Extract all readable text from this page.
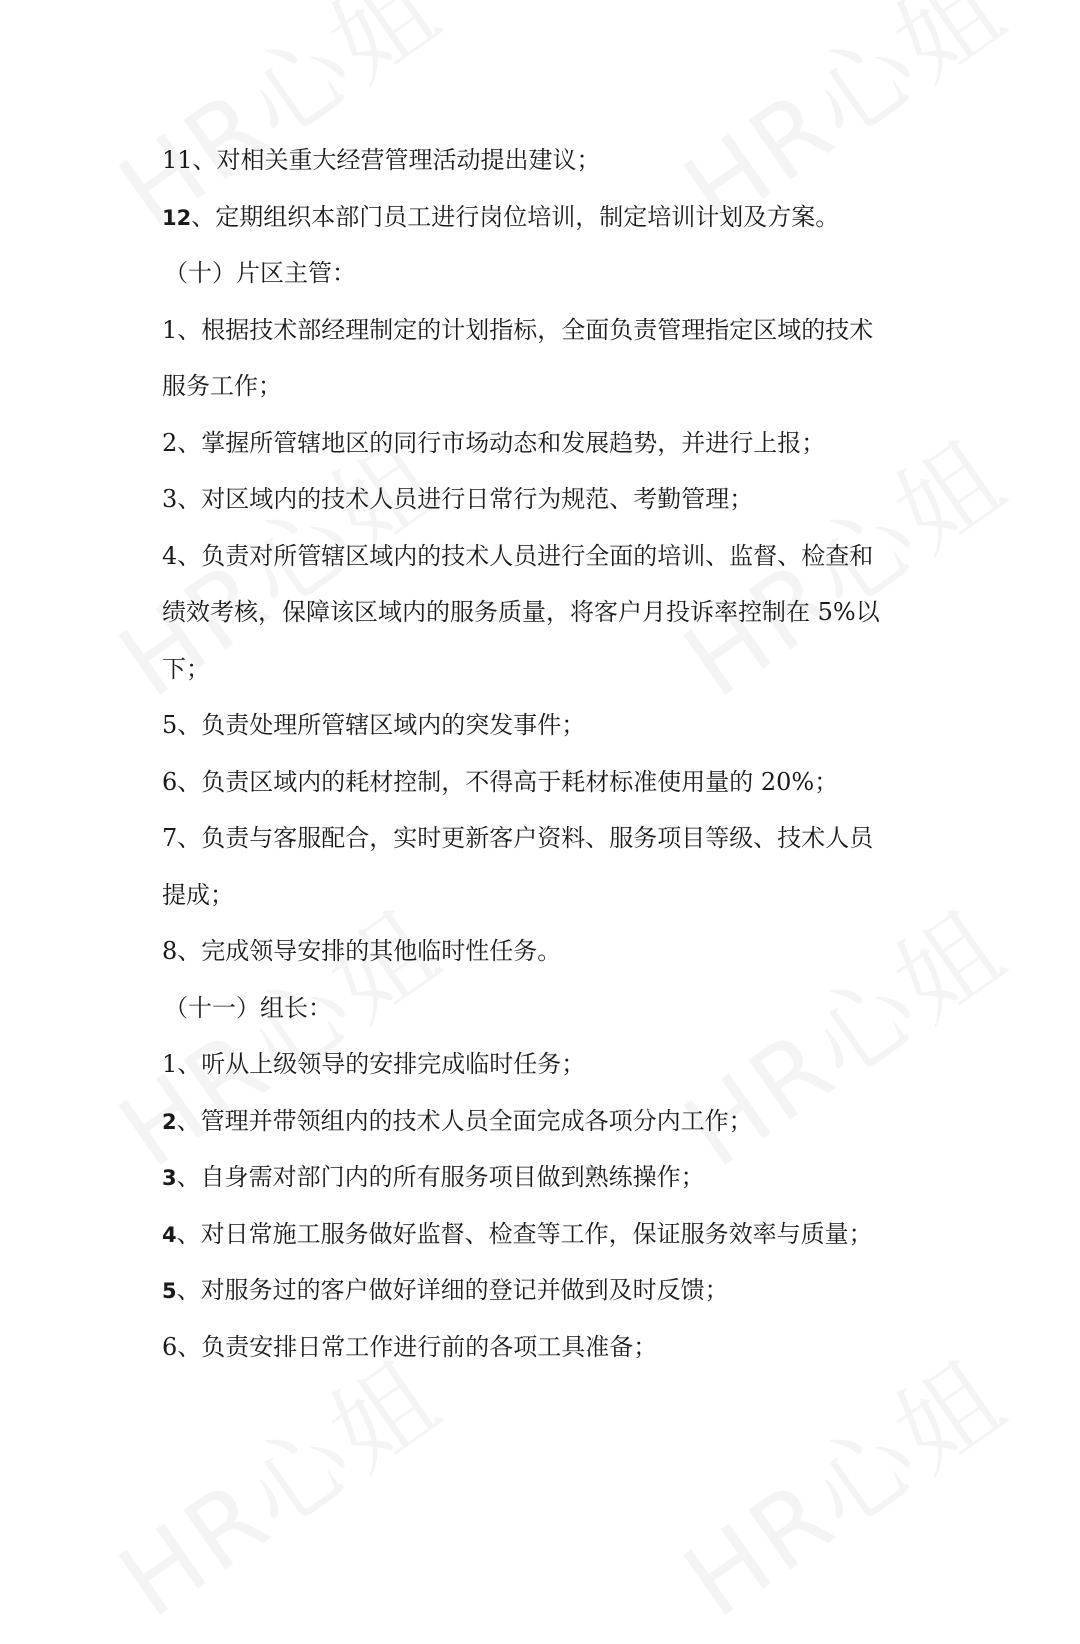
11、对相关重大经营管理活动提出建议；
12、定期组织本部门员工进行岗位培训，制定培训计划及方案。
（十）片区主管：
1、根据技术部经理制定的计划指标，全面负责管理指定区域的技术
服务工作；
2、掌握所管辖地区的同行市场动态和发展趋势，并进行上报；
3、对区域内的技术人员进行日常行为规范、考勤管理；
4、负责对所管辖区域内的技术人员进行全面的培训、监督、检查和
绩效考核，保障该区域内的服务质量，将客户月投诉率控制在 5%以
下；
5、负责处理所管辖区域内的突发事件；
6、负责区域内的耗材控制，不得高于耗材标准使用量的 20%；
7、负责与客服配合，实时更新客户资料、服务项目等级、技术人员
提成；
8、完成领导安排的其他临时性任务。
（十一）组长：
1、听从上级领导的安排完成临时任务；
2、管理并带领组内的技术人员全面完成各项分内工作；
3、自身需对部门内的所有服务项目做到熟练操作；
4、对日常施工服务做好监督、检查等工作，保证服务效率与质量；
5、对服务过的客户做好详细的登记并做到及时反馈；
6、负责安排日常工作进行前的各项工具准备；
